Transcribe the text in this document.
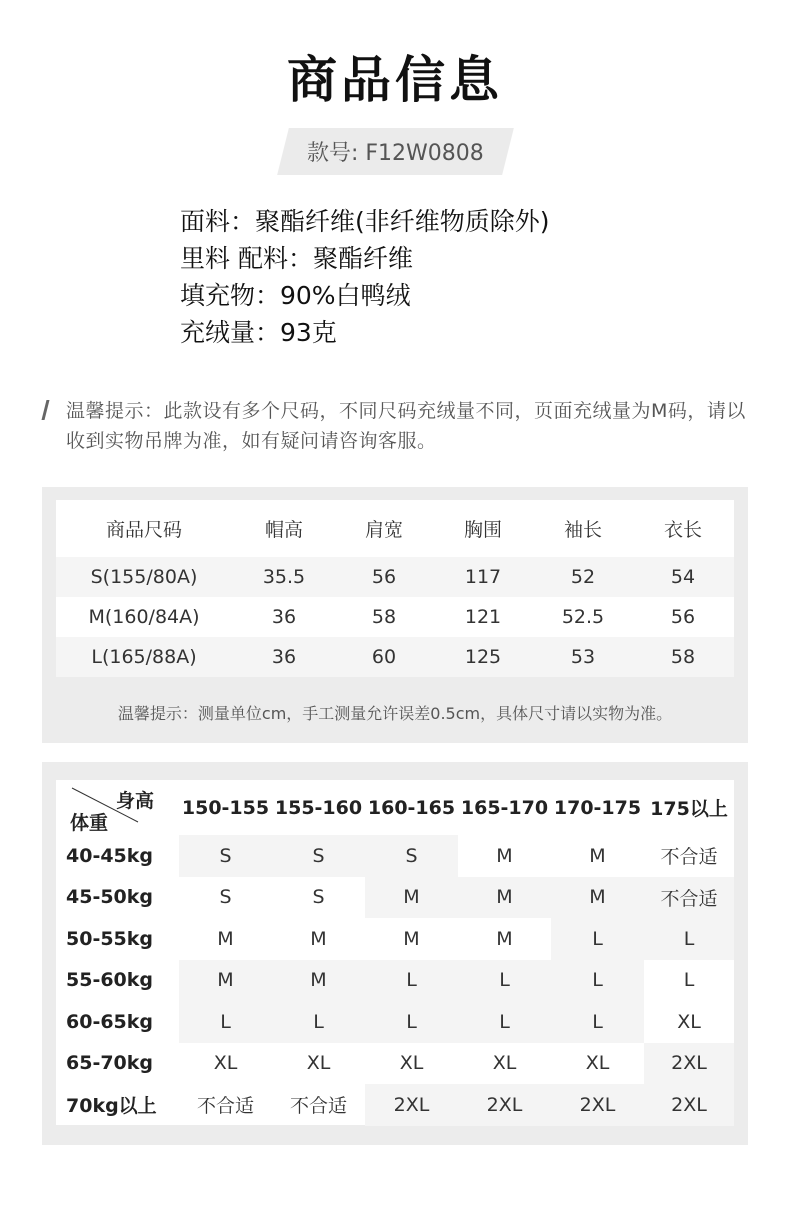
商品信息
款号: F12W0808
面料：聚酯纤维(非纤维物质除外)
里料 配料：聚酯纤维
填充物：90%白鸭绒
充绒量：93克
温馨提示：此款设有多个尺码，不同尺码充绒量不同，页面充绒量为M码，请以收到实物吊牌为准，如有疑问请咨询客服。
商品尺码	帽高	肩宽	胸围	袖长	衣长
S(155/80A)	35.5	56	117	52	54
M(160/84A)	36	58	121	52.5	56
L(165/88A)	36	60	125	53	58
温馨提示：测量单位cm，手工测量允许误差0.5cm，具体尺寸请以实物为准。
身高
体重
150-155 155-160 160-165 165-170 170-175 175以上
40-45kg	S	S	S	M	M	不合适
45-50kg	S	S	M	M	M	不合适
50-55kg	M	M	M	M	L	L
55-60kg	M	M	L	L	L	L
60-65kg	L	L	L	L	L	XL
65-70kg	XL	XL	XL	XL	XL	2XL
70kg以上	不合适	不合适	2XL	2XL	2XL	2XL
